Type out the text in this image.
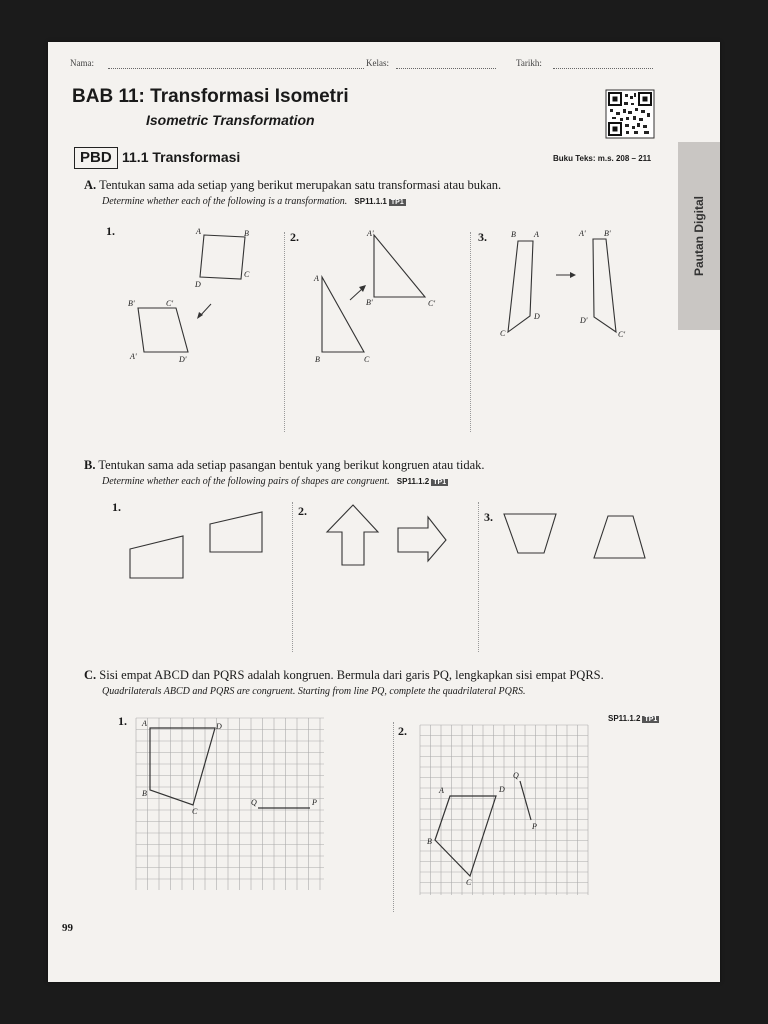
Nama:	Kelas:	Tarikh:
BAB 11: Transformasi Isometri
Isometric Transformation
PBD 11.1 Transformasi	Buku Teks: m.s. 208 – 211
Pautan Digital
A. Tentukan sama ada setiap yang berikut merupakan satu transformasi atau bukan.
Determine whether each of the following is a transformation. SP11.1.1 TP1
1.	2.	3.
A	B
C
D
B'	C'
A'	D'
A'
B'	C'
A
B	C
B A
D
C
A' B'
D'
C'
B. Tentukan sama ada setiap pasangan bentuk yang berikut kongruen atau tidak.
Determine whether each of the following pairs of shapes are congruent. SP11.1.2 TP1
1.	2.	3.
C. Sisi empat ABCD dan PQRS adalah kongruen. Bermula dari garis PQ, lengkapkan sisi empat PQRS.
Quadrilaterals ABCD and PQRS are congruent. Starting from line PQ, complete the quadrilateral PQRS.
SP11.1.2 TP1
1.
2.
A	D
B
C
Q	P
A	D
B
C
Q
P
99
